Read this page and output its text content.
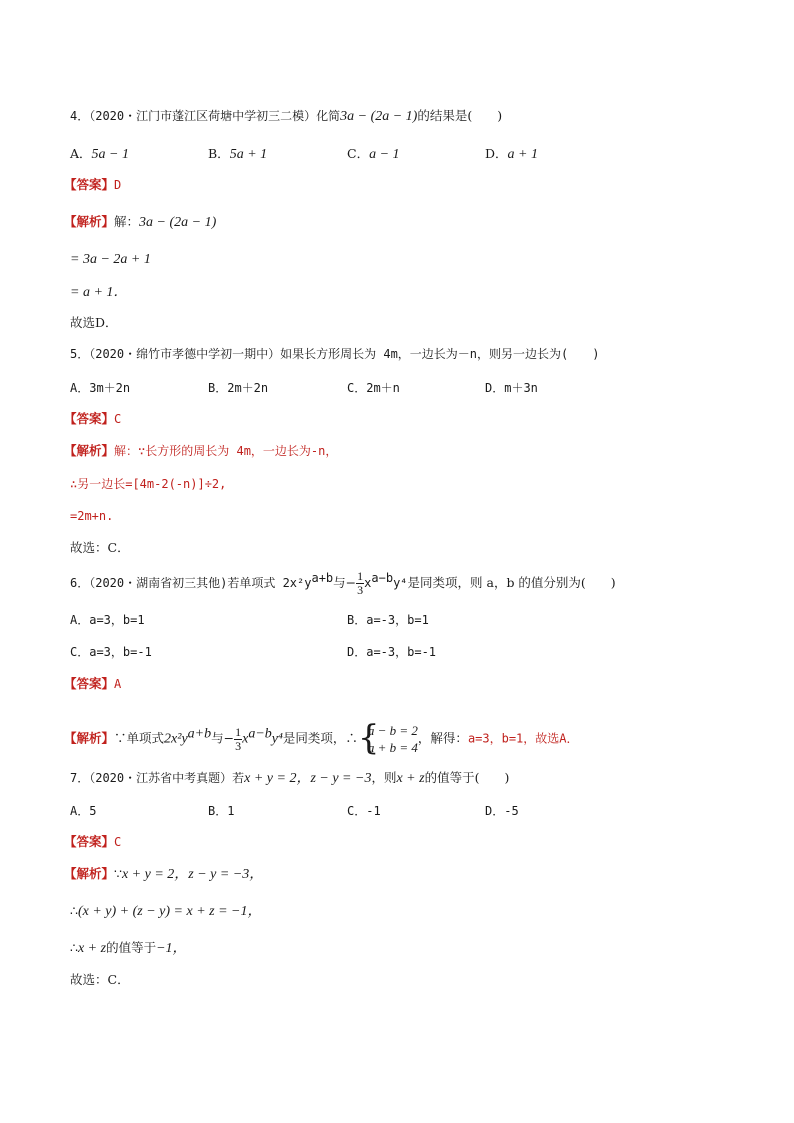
4．（2020・江门市蓬江区荷塘中学初三二模）化简3a − (2a − 1)的结果是(　　)
A．5a − 1	B．5a + 1	C．a − 1	D．a + 1
【答案】D
【解析】解：3a − (2a − 1)
= 3a − 2a + 1
= a + 1．
故选D．
5．（2020・绵竹市孝德中学初一期中）如果长方形周长为 4m，一边长为－n，则另一边长为(　　)
A．3m＋2n	B．2m＋2n	C．2m＋n	D．m＋3n
【答案】C
【解析】解：∵长方形的周长为 4m，一边长为-n，
∴另一边长=[4m-2(-n)]÷2,
=2m+n.
故选：C．
6．（2020・湖南省初三其他)若单项式 $2x^2y^{a+b}$与− $\frac{1}{3} x^{a-b}y^4$是同类项，则 a，b 的值分别为(　　)
A．a=3，b=1	B．a=-3，b=1
C．a=3，b=-1	D．a=-3，b=-1
【答案】A
【解析】∵单项式$2x^2y^{a+b}$与− $\frac{1}{3} x^{a-b}y^4$是同类项，∴ {
a − b = 2
a + b = 4
，解得：a=3，b=1，故选A．
7．（2020・江苏省中考真题）若x + y = 2，z − y = −3，则x + z的值等于(　　)
A．5	B．1	C．-1	D．-5
【答案】C
【解析】∵x + y = 2，z − y = −3，
∴(x + y) + (z − y) = x + z = −1，
∴x + z的值等于−1，
故选：C．
